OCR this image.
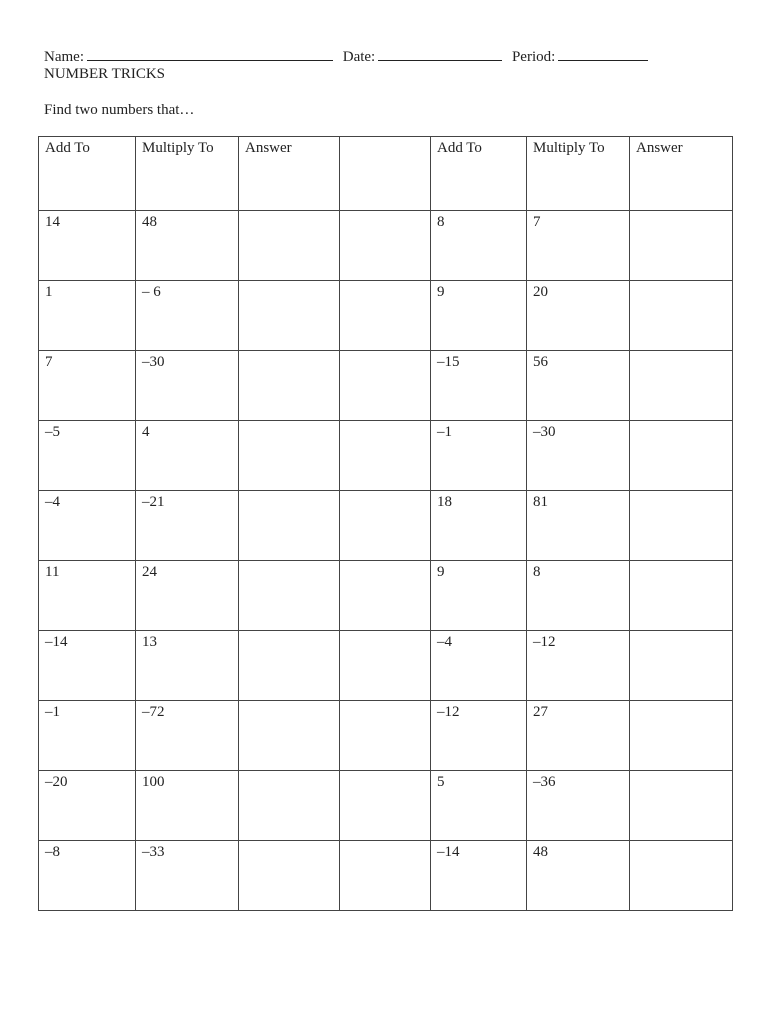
Name:	Date:	Period:
NUMBER TRICKS
Find two numbers that…
Add To	Multiply To	Answer		Add To	Multiply To	Answer
14	48			8	7	
1	– 6			9	20	
7	–30			–15	56	
–5	4			–1	–30	
–4	–21			18	81	
11	24			9	8	
–14	13			–4	–12	
–1	–72			–12	27	
–20	100			5	–36	
–8	–33			–14	48	
